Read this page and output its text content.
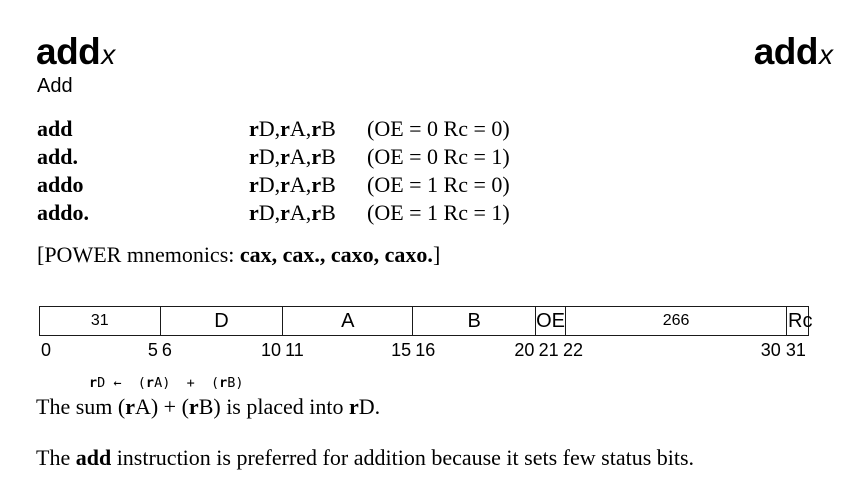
addx	addx
Add
add	rD,rA,rB (OE = 0 Rc = 0)
add.	rD,rA,rB (OE = 0 Rc = 1)
addo	rD,rA,rB (OE = 1 Rc = 0)
addo.	rD,rA,rB (OE = 1 Rc = 1)
[POWER mnemonics: cax, cax., caxo, caxo.]
31	D	A	B	OE	266	Rc
0	5 6	10 11	15 16	20 21 22	30 31
rD ←  (rA)  +  (rB)
The sum (rA) + (rB) is placed into rD.
The add instruction is preferred for addition because it sets few status bits.
